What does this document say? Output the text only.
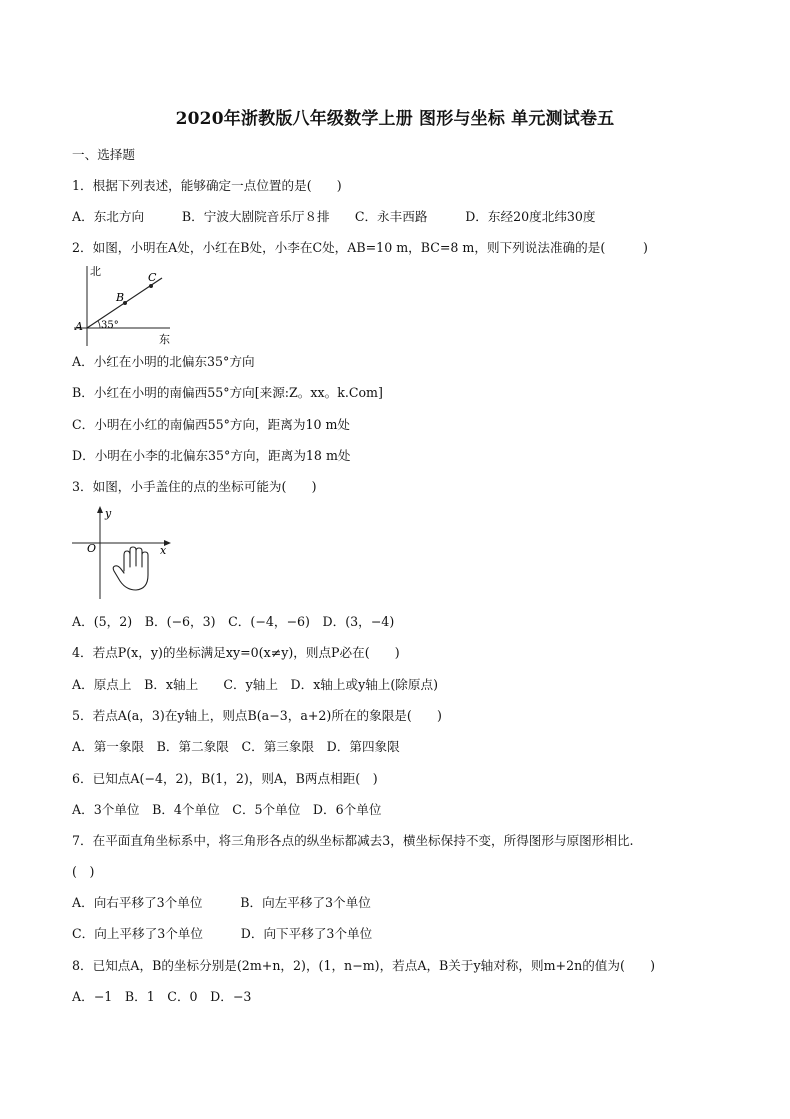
2020年浙教版八年级数学上册 图形与坐标 单元测试卷五
一、选择题
1．根据下列表述，能够确定一点位置的是(　　)
A．东北方向　　　B．宁波大剧院音乐厅８排　　C．永丰西路　　　D．东经20度北纬30度
2．如图，小明在A处，小红在B处，小李在C处，AB=10 m，BC=8 m，则下列说法准确的是(　　　)
北
东
A
B
C
35°
A．小红在小明的北偏东35°方向
B．小红在小明的南偏西55°方向[来源:Z。xx。k.Com]
C．小明在小红的南偏西55°方向，距离为10 m处
D．小明在小李的北偏东35°方向，距离为18 m处
3．如图，小手盖住的点的坐标可能为(　　)
y
x
O
A．(5，2)　B．(−6，3)　C．(−4，−6)　D．(3，−4)
4．若点P(x，y)的坐标满足xy=0(x≠y)，则点P必在(　　)
A．原点上　B．x轴上　　C．y轴上　D．x轴上或y轴上(除原点)
5．若点A(a，3)在y轴上，则点B(a−3，a+2)所在的象限是(　　)
A．第一象限　B．第二象限　C．第三象限　D．第四象限
6．已知点A(−4，2)，B(1，2)，则A，B两点相距(　)
A．3个单位　B．4个单位　C．5个单位　D．6个单位
7．在平面直角坐标系中，将三角形各点的纵坐标都减去3，横坐标保持不变，所得图形与原图形相比.
(　)
A．向右平移了3个单位　　　B．向左平移了3个单位
C．向上平移了3个单位　　　D．向下平移了3个单位
8．已知点A，B的坐标分别是(2m+n，2)，(1，n−m)，若点A，B关于y轴对称，则m+2n的值为(　　)
A．−1　B．1　C．0　D．−3
